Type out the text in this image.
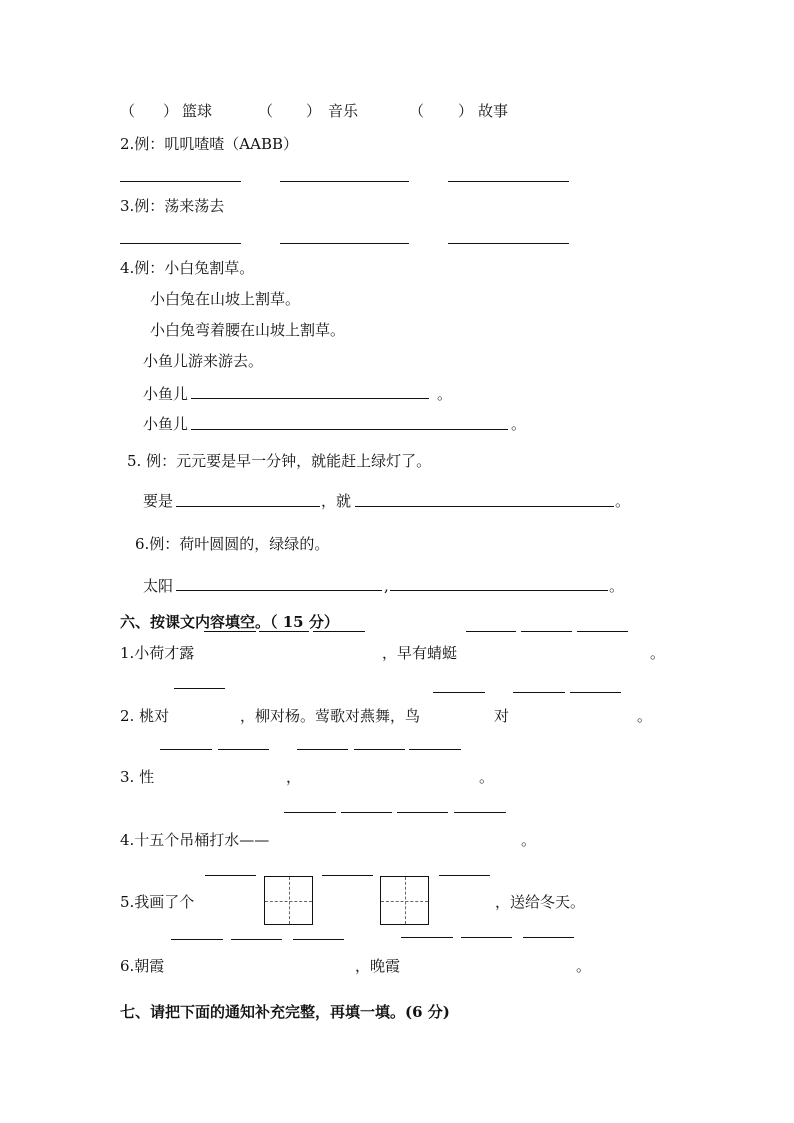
（ ） 篮球	（ ） 音乐	（ ） 故事
2.例：叽叽喳喳（AABB）
3.例：荡来荡去
4.例：小白兔割草。
小白兔在山坡上割草。
小白兔弯着腰在山坡上割草。
小鱼儿游来游去。
小鱼儿	。
小鱼儿	。
5. 例：元元要是早一分钟，就能赶上绿灯了。
要是	，就	。
6.例：荷叶圆圆的，绿绿的。
太阳	,	。
六、按课文内容填空。（ 15 分）
1.小荷才露	，早有蜻蜓	。
2. 桃对	，柳对杨。莺歌对燕舞，鸟	对	。
3. 性	，	。
4.十五个吊桶打水——	。
5.我画了个	，送给冬天。
6.朝霞	，晚霞	。
七、请把下面的通知补充完整，再填一填。(6 分)
